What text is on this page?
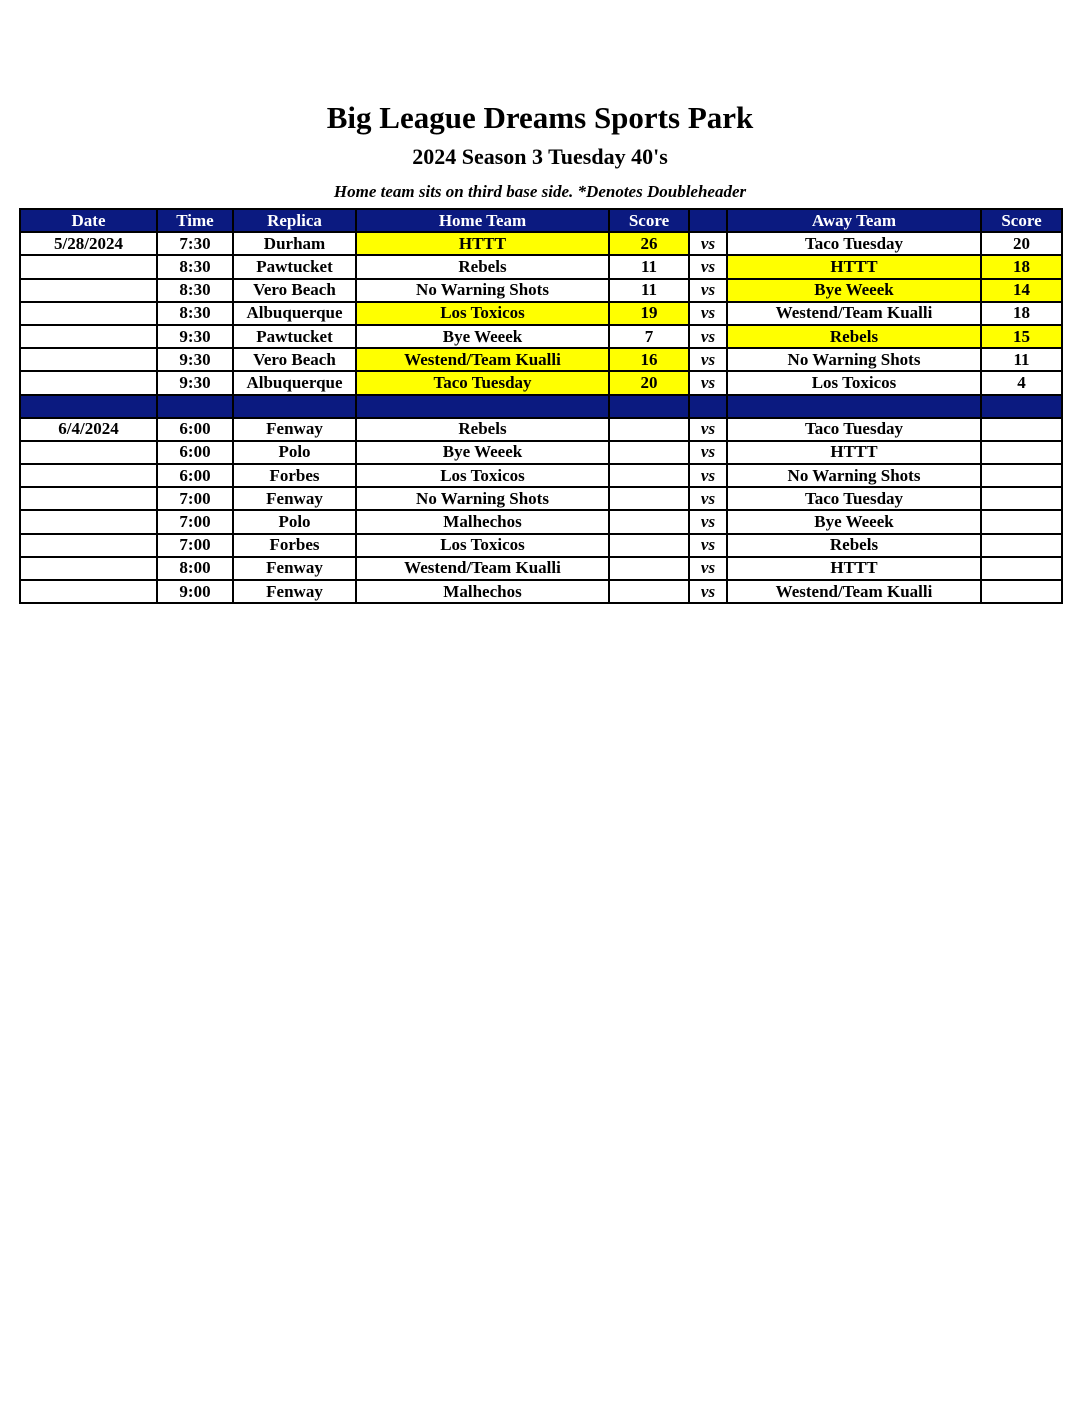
Big League Dreams Sports Park
2024 Season 3 Tuesday 40's
Home team sits on third base side. *Denotes Doubleheader
Date	Time	Replica	Home Team	Score		Away Team	Score
5/28/2024	7:30	Durham	HTTT	26	vs	Taco Tuesday	20
	8:30	Pawtucket	Rebels	11	vs	HTTT	18
	8:30	Vero Beach	No Warning Shots	11	vs	Bye Weeek	14
	8:30	Albuquerque	Los Toxicos	19	vs	Westend/Team Kualli	18
	9:30	Pawtucket	Bye Weeek	7	vs	Rebels	15
	9:30	Vero Beach	Westend/Team Kualli	16	vs	No Warning Shots	11
	9:30	Albuquerque	Taco Tuesday	20	vs	Los Toxicos	4

6/4/2024	6:00	Fenway	Rebels		vs	Taco Tuesday	
	6:00	Polo	Bye Weeek		vs	HTTT	
	6:00	Forbes	Los Toxicos		vs	No Warning Shots	
	7:00	Fenway	No Warning Shots		vs	Taco Tuesday	
	7:00	Polo	Malhechos		vs	Bye Weeek	
	7:00	Forbes	Los Toxicos		vs	Rebels	
	8:00	Fenway	Westend/Team Kualli		vs	HTTT	
	9:00	Fenway	Malhechos		vs	Westend/Team Kualli	
